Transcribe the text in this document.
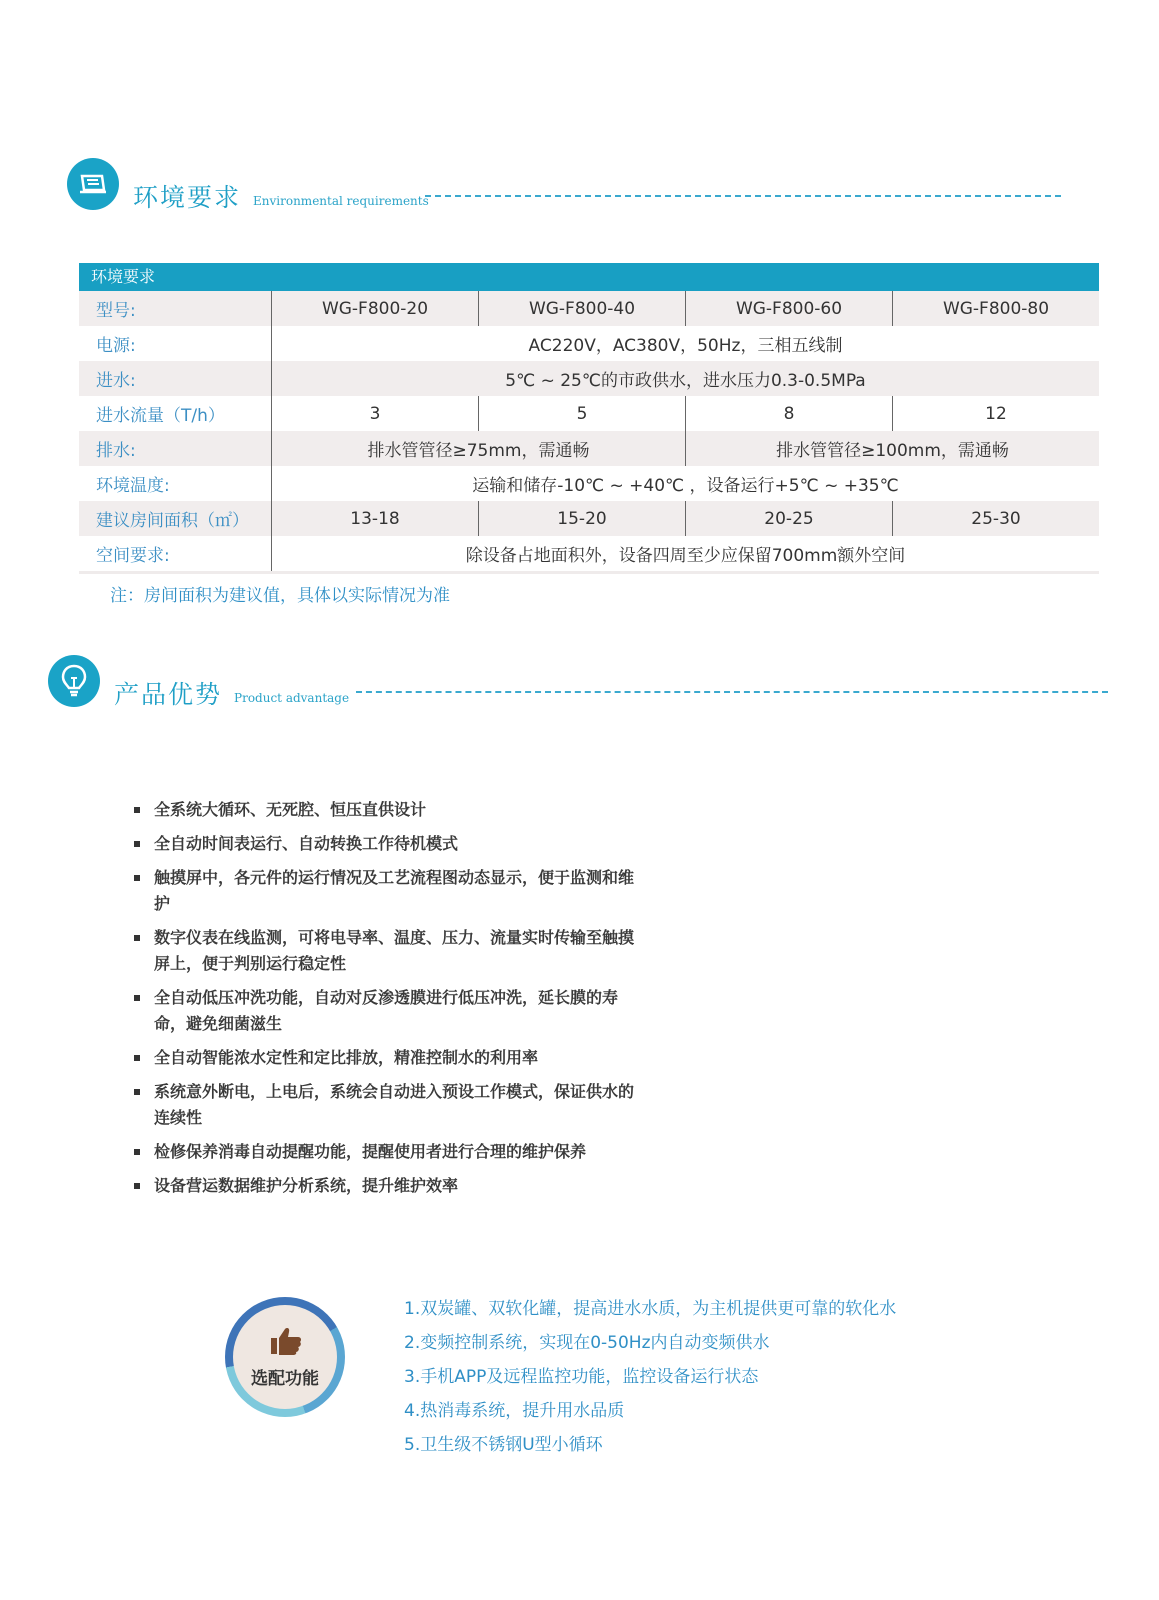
环境要求 Environmental requirements
环境要求
型号:	WG-F800-20	WG-F800-40	WG-F800-60	WG-F800-80
电源:	AC220V，AC380V，50Hz，三相五线制
进水:	5℃ ~ 25℃的市政供水，进水压力0.3-0.5MPa
进水流量（T/h）	3	5	8	12
排水:	排水管管径≥75mm，需通畅	排水管管径≥100mm，需通畅
环境温度:	运输和储存-10℃ ~ +40℃ ，设备运行+5℃ ~ +35℃
建议房间面积（㎡）	13-18	15-20	20-25	25-30
空间要求:	除设备占地面积外，设备四周至少应保留700mm额外空间
注：房间面积为建议值，具体以实际情况为准
产品优势 Product advantage
全系统大循环、无死腔、恒压直供设计
全自动时间表运行、自动转换工作待机模式
触摸屏中，各元件的运行情况及工艺流程图动态显示，便于监测和维护
数字仪表在线监测，可将电导率、温度、压力、流量实时传输至触摸屏上，便于判别运行稳定性
全自动低压冲洗功能，自动对反渗透膜进行低压冲洗，延长膜的寿命，避免细菌滋生
全自动智能浓水定性和定比排放，精准控制水的利用率
系统意外断电，上电后，系统会自动进入预设工作模式，保证供水的连续性
检修保养消毒自动提醒功能，提醒使用者进行合理的维护保养
设备营运数据维护分析系统，提升维护效率
选配功能
1.双炭罐、双软化罐，提高进水水质，为主机提供更可靠的软化水
2.变频控制系统，实现在0-50Hz内自动变频供水
3.手机APP及远程监控功能，监控设备运行状态
4.热消毒系统，提升用水品质
5.卫生级不锈钢U型小循环
